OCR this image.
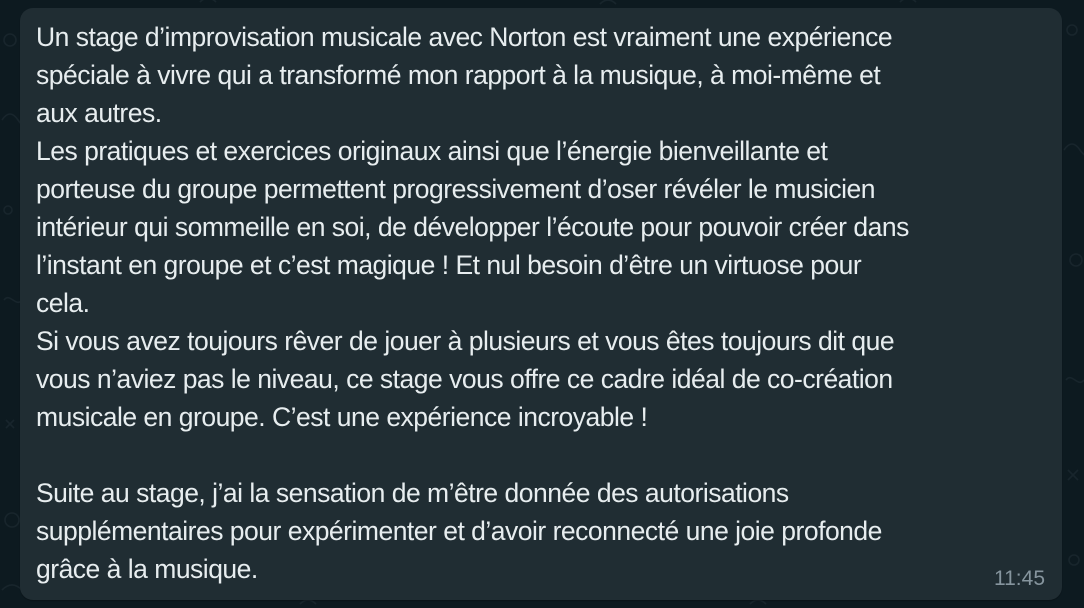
Un stage d’improvisation musicale avec Norton est vraiment une expérience
spéciale à vivre qui a transformé mon rapport à la musique, à moi-même et
aux autres.
Les pratiques et exercices originaux ainsi que l’énergie bienveillante et
porteuse du groupe permettent progressivement d’oser révéler le musicien
intérieur qui sommeille en soi, de développer l’écoute pour pouvoir créer dans
l’instant en groupe et c’est magique ! Et nul besoin d’être un virtuose pour
cela.
Si vous avez toujours rêver de jouer à plusieurs et vous êtes toujours dit que
vous n’aviez pas le niveau, ce stage vous offre ce cadre idéal de co-création
musicale en groupe. C’est une expérience incroyable !
Suite au stage, j’ai la sensation de m’être donnée des autorisations
supplémentaires pour expérimenter et d’avoir reconnecté une joie profonde
grâce à la musique.	11:45
